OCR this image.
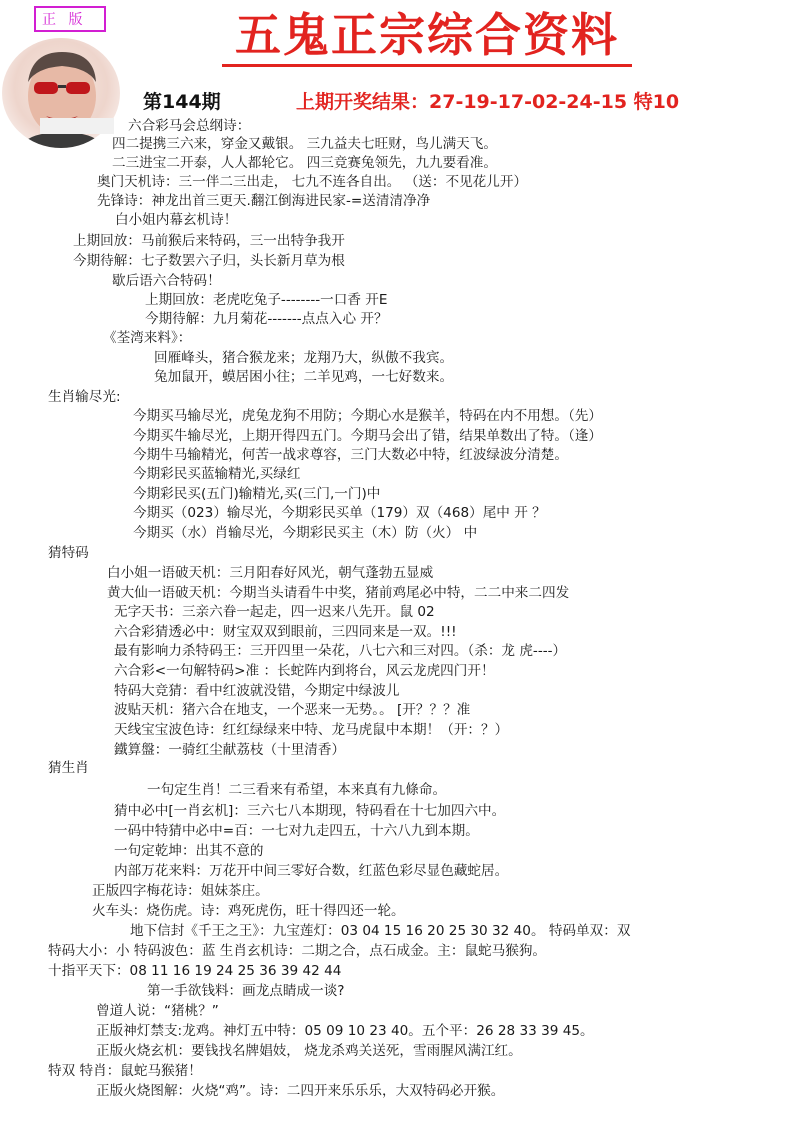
正 版	五鬼正宗综合资料
第144期	上期开奖结果：27-19-17-02-24-15 特10
六合彩马会总纲诗：
四二提携三六来，穿金又戴银。 三九益夫七旺财，鸟儿满天飞。
二三进宝二开泰，人人都轮它。 四三竞赛兔领先，九九要看准。
奥门天机诗：三一伴二三出走， 七九不连各自出。 （送：不见花儿开）
先锋诗：神龙出首三更天.翻江倒海进民家-=送清清净净
白小姐内幕玄机诗！
上期回放：马前猴后来特码，三一出特争我开
今期待解：七子数罢六子归，头长新月草为根
歇后语六合特码！
上期回放：老虎吃兔子--------一口香 开E
今期待解：九月菊花-------点点入心 开？
《荃湾来料》：
回雁峰头，猪合猴龙来；龙翔乃大，纵傲不我宾。
兔加鼠开，蟆居困小往；二羊见鸡，一七好数来。
生肖输尽光:
今期买马输尽光，虎兔龙狗不用防；今期心水是猴羊，特码在内不用想。（先）
今期买牛输尽光，上期开得四五门。今期马会出了错，结果单数出了特。（逢）
今期牛马输精光，何苦一战求尊容，三门大数必中特，红波绿波分清楚。
今期彩民买蓝输精光,买绿红
今期彩民买(五门)输精光,买(三门,一门)中
今期买（023）输尽光，今期彩民买单（179）双（468）尾中 开 ？
今期买（水）肖输尽光，今期彩民买主（木）防（火） 中
猜特码
白小姐一语破天机：三月阳春好风光，朝气蓬勃五显威
黄大仙一语破天机：今期当头请看牛中奖，猪前鸡尾必中特，二二中来二四发
无字天书：三亲六眷一起走，四一迟来八先开。鼠 02
六合彩猜透必中：财宝双双到眼前，三四同来是一双。!!!
最有影响力杀特码王：三开四里一朵花，八七六和三对四。（杀：龙 虎----）
六合彩<一句解特码>准 ：长蛇阵内到将台，风云龙虎四门开！
特码大竞猜：看中红波就没错，今期定中绿波儿
波贴天机：猪六合在地支，一个恶来一无势。。 [开？？？准
天线宝宝波色诗：红红绿绿来中特、龙马虎鼠中本期！（开：？）
鐵算盤：一骑红尘献荔枝（十里清香）
猜生肖
一句定生肖！二三看来有希望，本来真有九條命。
猜中必中[一肖玄机]：三六七八本期现，特码看在十七加四六中。
一码中特猜中必中=百：一七对九走四五，十六八九到本期。
一句定乾坤：出其不意的
内部万花来料：万花开中间三零好合数，红蓝色彩尽显色藏蛇居。
正版四字梅花诗：姐妹茶庄。
火车头：烧伤虎。诗：鸡死虎伤，旺十得四还一轮。
地下信封《千王之王》：九宝莲灯：03 04 15 16 20 25 30 32 40。 特码单双：双
特码大小：小 特码波色：蓝 生肖玄机诗：二期之合，点石成金。主：鼠蛇马猴狗。
十指平天下：08 11 16 19 24 25 36 39 42 44
第一手欲钱料：画龙点睛成一谈?
曾道人说：“猪桃？”
正版神灯禁支:龙鸡。神灯五中特：05 09 10 23 40。五个平：26 28 33 39 45。
正版火烧玄机：要钱找名牌娼妓， 烧龙杀鸡关送死，雪雨腥风满江红。
特双 特肖：鼠蛇马猴猪！
正版火烧图解：火烧“鸡”。诗：二四开来乐乐乐，大双特码必开猴。
